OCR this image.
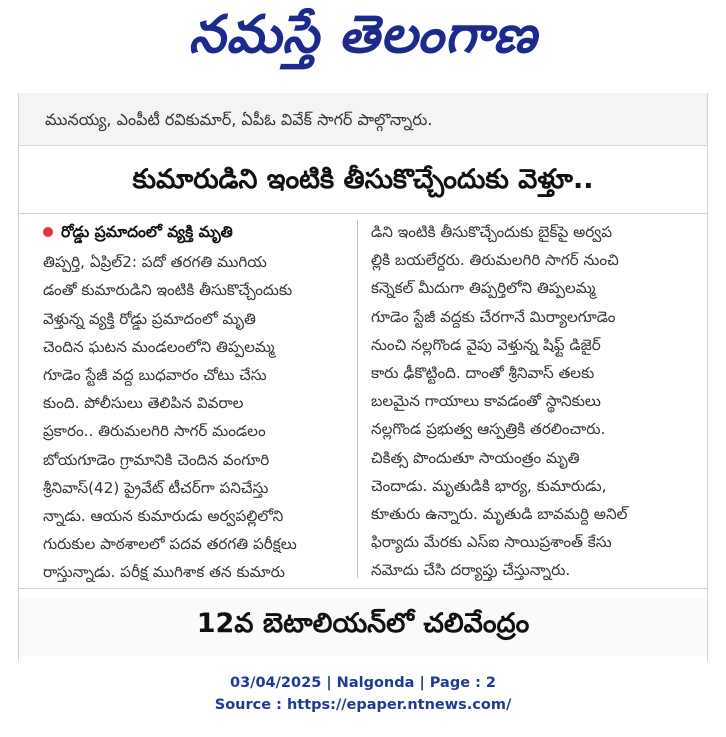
నమస్తే తెలంగాణ
మునయ్య, ఎంపీటీ రవికుమార్, ఏపీఓ వివేక్ సాగర్ పాల్గొన్నారు.
కుమారుడిని ఇంటికి తీసుకొచ్చేందుకు వెళ్తూ..
రోడ్డు ప్రమాదంలో వ్యక్తి మృతి
తిప్పర్తి, ఏప్రిల్2: పదో తరగతి ముగియ
డంతో కుమారుడిని ఇంటికి తీసుకొచ్చేందుకు
వెళ్తున్న వ్యక్తి రోడ్డు ప్రమాదంలో మృతి
చెందిన ఘటన మండలంలోని తిప్పలమ్మ
గూడెం స్టేజీ వద్ద బుధవారం చోటు చేసు
కుంది. పోలీసులు తెలిపిన వివరాల
ప్రకారం.. తిరుమలగిరి సాగర్ మండలం
బోయగూడెం గ్రామానికి చెందిన వంగూరి
శ్రీనివాస్(42) ప్రైవేట్ టీచర్‌గా పనిచేస్తు
న్నాడు. ఆయన కుమారుడు అర్వపల్లిలోని
గురుకుల పాఠశాలలో పదవ తరగతి పరీక్షలు
రాస్తున్నాడు. పరీక్ష ముగిశాక తన కుమారు
డిని ఇంటికి తీసుకొచ్చేందుకు బైక్‌పై అర్వప
ల్లికి బయలేర్దరు. తిరుమలగిరి సాగర్ నుంచి
కన్నెకల్ మీదుగా తిప్పర్తిలోని తిప్పలమ్మ
గూడెం స్టేజీ వద్దకు చేరగానే మిర్యాలగూడెం
నుంచి నల్లగొండ వైపు వెళ్తున్న షిఫ్ట్ డిజైర్
కారు ఢీకొట్టింది. దాంతో శ్రీనివాస్ తలకు
బలమైన గాయాలు కావడంతో స్థానికులు
నల్లగొండ ప్రభుత్వ ఆస్పత్రికి తరలించారు.
చికిత్స పొందుతూ సాయంత్రం మృతి
చెందాడు. మృతుడికి భార్య, కుమారుడు,
కూతురు ఉన్నారు. మృతుడి బావమర్ది అనిల్
ఫిర్యాదు మేరకు ఎస్ఐ సాయిప్రశాంత్ కేసు
నమోదు చేసి దర్యాప్తు చేస్తున్నారు.
12వ బెటాలియన్‌లో చలివేంద్రం
03/04/2025 | Nalgonda | Page : 2
Source : https://epaper.ntnews.com/
